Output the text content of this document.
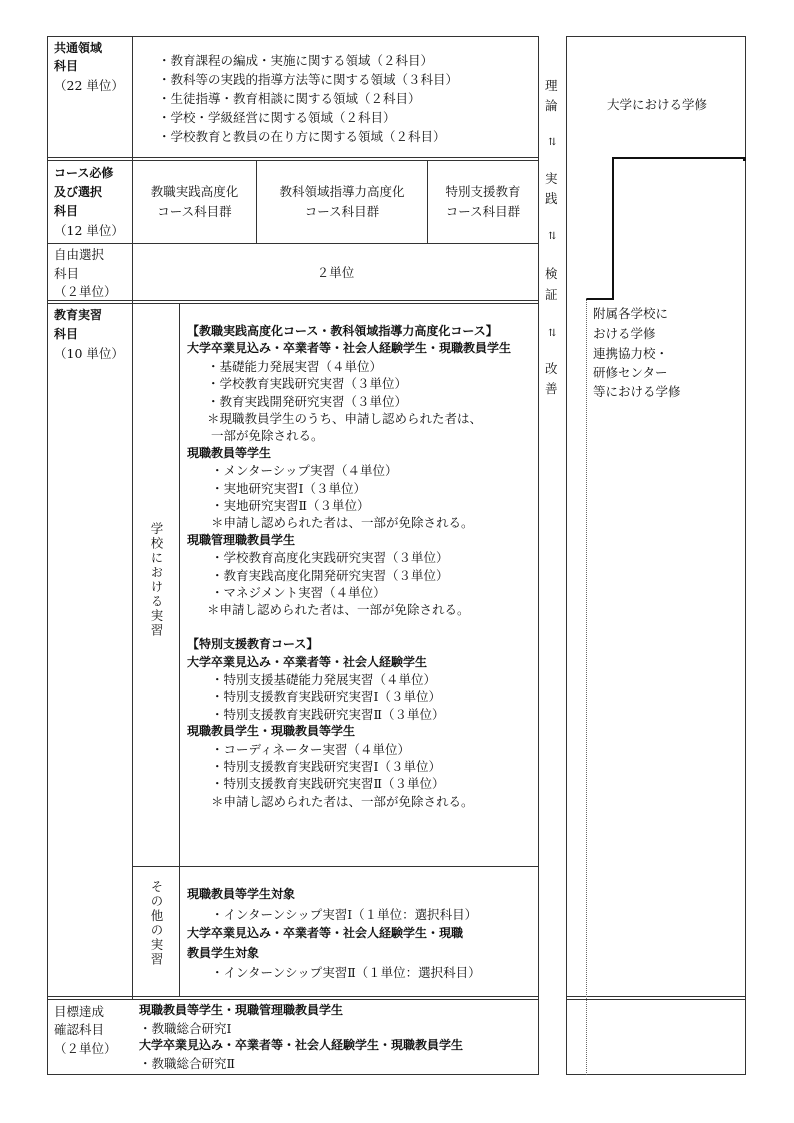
共通領域
科目
（22 単位）
・教育課程の編成・実施に関する領域（２科目）
・教科等の実践的指導方法等に関する領域（３科目）
・生徒指導・教育相談に関する領域（２科目）
・学校・学級経営に関する領域（２科目）
・学校教育と教員の在り方に関する領域（２科目）
コース必修
及び選択
科目
（12 単位）
教職実践高度化
コース科目群
教科領域指導力高度化
コース科目群
特別支援教育
コース科目群
自由選択
科目
（２単位）
２単位
教育実習
科目
（10 単位）
学校における実習
その他の実習
【教職実践高度化コース・教科領域指導力高度化コース】
大学卒業見込み・卒業者等・社会人経験学生・現職教員学生
・基礎能力発展実習（４単位）
・学校教育実践研究実習（３単位）
・教育実践開発研究実習（３単位）
＊現職教員学生のうち、申請し認められた者は、
一部が免除される。
現職教員等学生
・メンターシップ実習（４単位）
・実地研究実習Ⅰ（３単位）
・実地研究実習Ⅱ（３単位）
＊申請し認められた者は、一部が免除される。
現職管理職教員学生
・学校教育高度化実践研究実習（３単位）
・教育実践高度化開発研究実習（３単位）
・マネジメント実習（４単位）
＊申請し認められた者は、一部が免除される。
【特別支援教育コース】
大学卒業見込み・卒業者等・社会人経験学生
・特別支援基礎能力発展実習（４単位）
・特別支援教育実践研究実習Ⅰ（３単位）
・特別支援教育実践研究実習Ⅱ（３単位）
現職教員学生・現職教員等学生
・コーディネーター実習（４単位）
・特別支援教育実践研究実習Ⅰ（３単位）
・特別支援教育実践研究実習Ⅱ（３単位）
＊申請し認められた者は、一部が免除される。
現職教員等学生対象
・インターンシップ実習Ⅰ（１単位：選択科目）
大学卒業見込み・卒業者等・社会人経験学生・現職
教員学生対象
・インターンシップ実習Ⅱ（１単位：選択科目）
目標達成
確認科目
（２単位）
現職教員等学生・現職管理職教員学生
・教職総合研究Ⅰ
大学卒業見込み・卒業者等・社会人経験学生・現職教員学生
・教職総合研究Ⅱ
理
論
⇅
実
践
⇅
検
証
⇅
改
善
大学における学修
附属各学校に
おける学修
連携協力校・
研修センター
等における学修
